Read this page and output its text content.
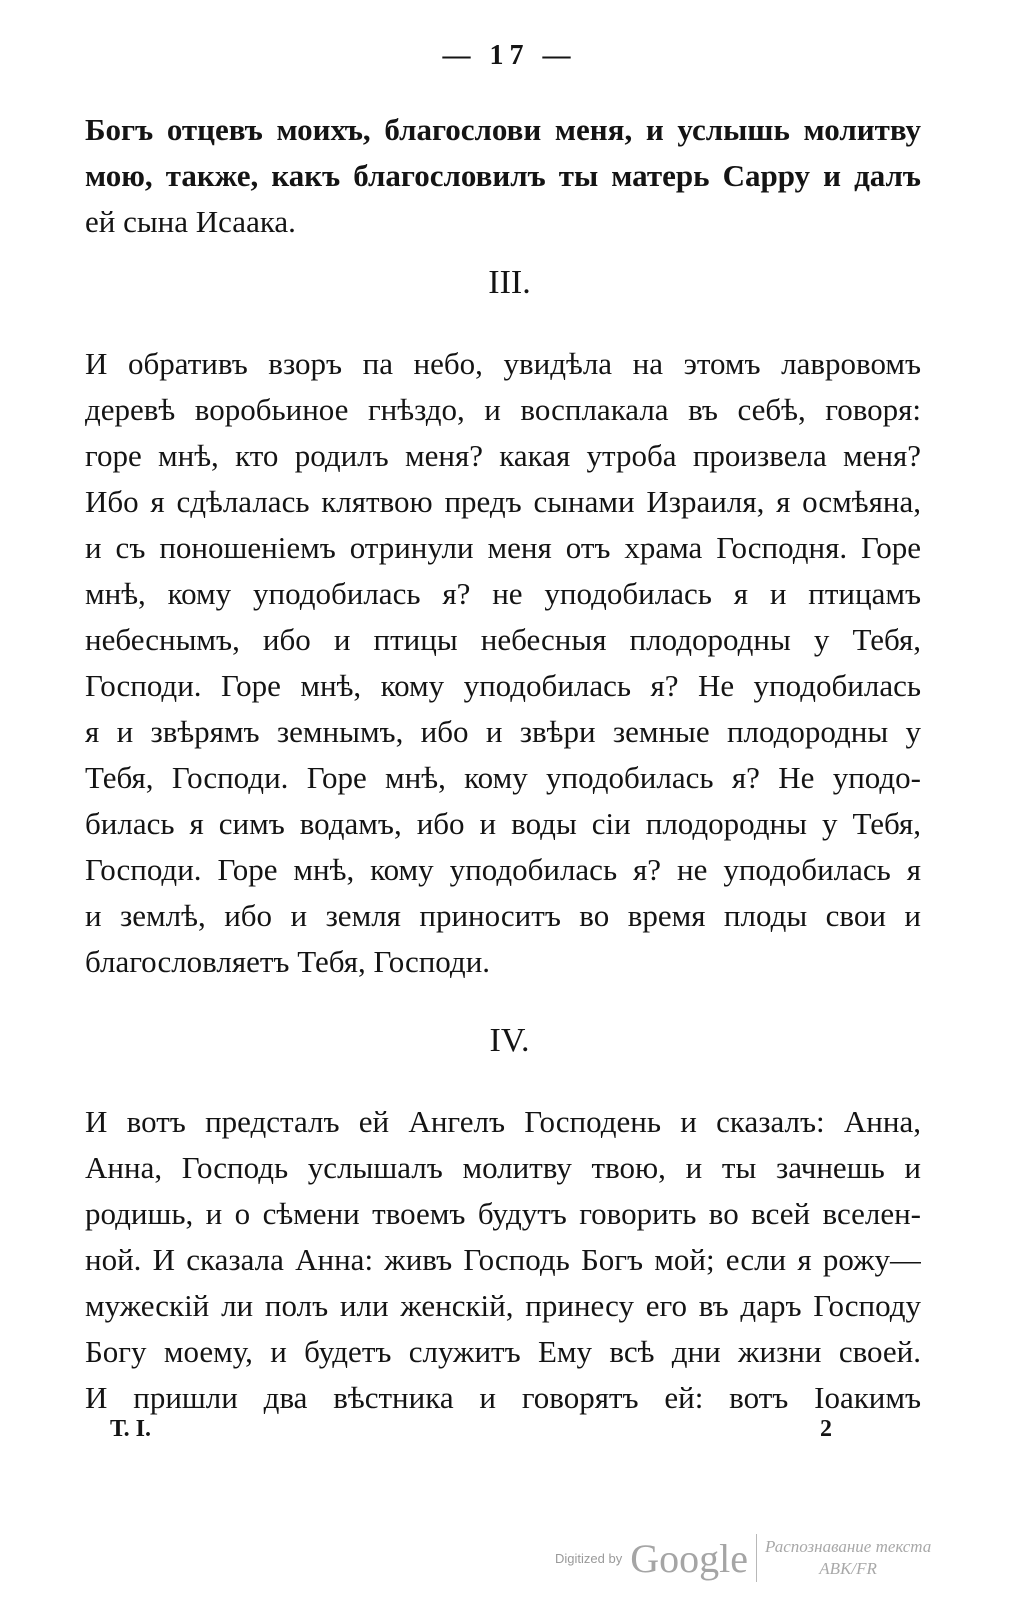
— 17 —
Богъ отцевъ моихъ, благослови меня, и услышь молитву
мою, также, какъ благословилъ ты матерь Сарру и далъ
ей сына Исаака.
III.
И обративъ взоръ па небо, увидѣла на этомъ лавровомъ
деревѣ воробьиное гнѣздо, и восплакала въ себѣ, говоря:
горе мнѣ, кто родилъ меня? какая утроба произвела меня?
Ибо я сдѣлалась клятвою предъ сынами Израиля, я осмѣяна,
и съ поношеніемъ отринули меня отъ храма Господня. Горе
мнѣ, кому уподобилась я? не уподобилась я и птицамъ
небеснымъ, ибо и птицы небесныя плодородны у Тебя,
Господи. Горе мнѣ, кому уподобилась я? Не уподобилась
я и звѣрямъ земнымъ, ибо и звѣри земные плодородны у
Тебя, Господи. Горе мнѣ, кому уподобилась я? Не уподо-
билась я симъ водамъ, ибо и воды сіи плодородны у Тебя,
Господи. Горе мнѣ, кому уподобилась я? не уподобилась я
и землѣ, ибо и земля приноситъ во время плоды свои и
благословляетъ Тебя, Господи.
IV.
И вотъ предсталъ ей Ангелъ Господень и сказалъ: Анна,
Анна, Господь услышалъ молитву твою, и ты зачнешь и
родишь, и о сѣмени твоемъ будутъ говорить во всей вселен-
ной. И сказала Анна: живъ Господь Богъ мой; если я рожу—
мужескій ли полъ или женскій, принесу его въ даръ Господу
Богу моему, и будетъ служитъ Ему всѣ дни жизни своей.
И пришли два вѣстника и говорятъ ей: вотъ Іоакимъ
Т. I.	2
Digitized by Google Распознавание текста
ABK/FR
